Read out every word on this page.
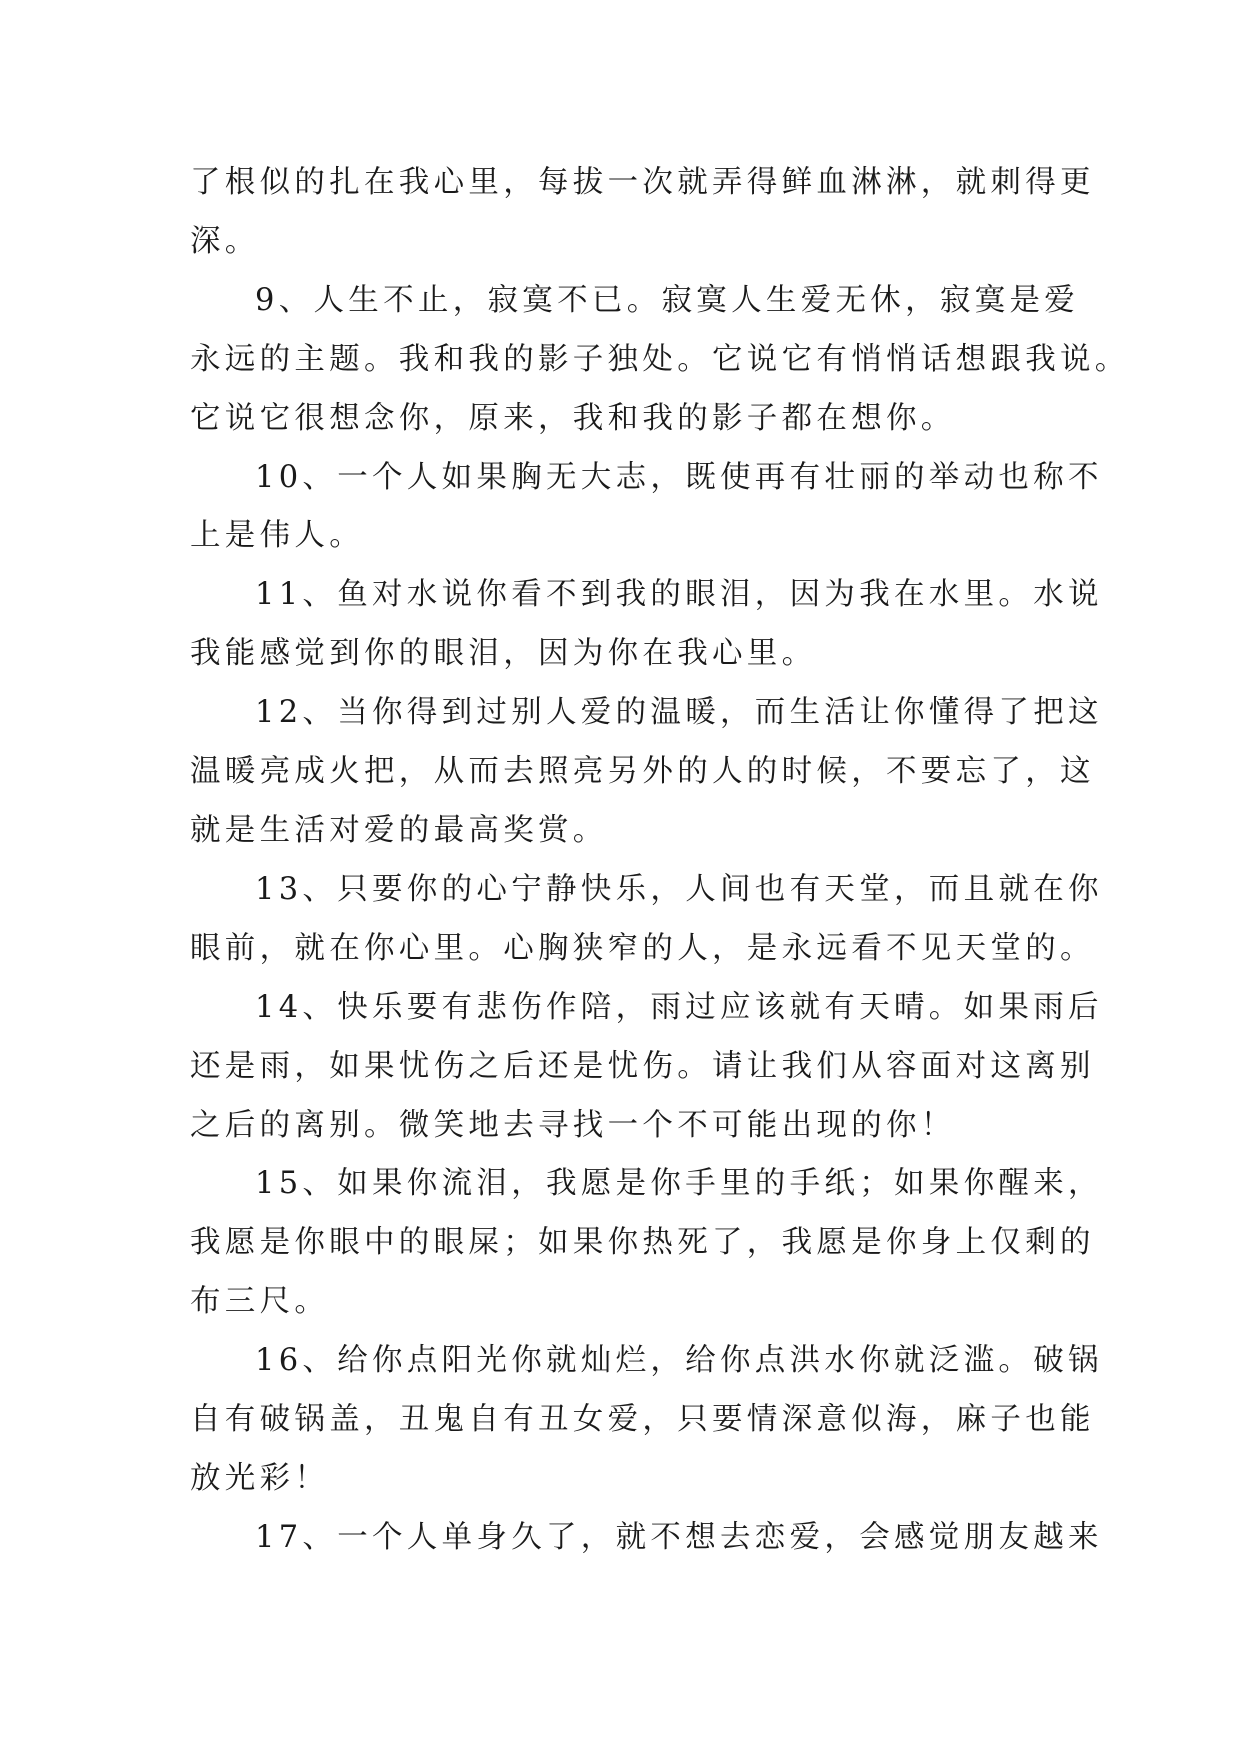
了根似的扎在我心里，每拔一次就弄得鲜血淋淋，就刺得更
深。
9、人生不止，寂寞不已。寂寞人生爱无休，寂寞是爱
永远的主题。我和我的影子独处。它说它有悄悄话想跟我说。
它说它很想念你，原来，我和我的影子都在想你。
10、一个人如果胸无大志，既使再有壮丽的举动也称不
上是伟人。
11、鱼对水说你看不到我的眼泪，因为我在水里。水说
我能感觉到你的眼泪，因为你在我心里。
12、当你得到过别人爱的温暖，而生活让你懂得了把这
温暖亮成火把，从而去照亮另外的人的时候，不要忘了，这
就是生活对爱的最高奖赏。
13、只要你的心宁静快乐，人间也有天堂，而且就在你
眼前，就在你心里。心胸狭窄的人，是永远看不见天堂的。
14、快乐要有悲伤作陪，雨过应该就有天晴。如果雨后
还是雨，如果忧伤之后还是忧伤。请让我们从容面对这离别
之后的离别。微笑地去寻找一个不可能出现的你！
15、如果你流泪，我愿是你手里的手纸；如果你醒来，
我愿是你眼中的眼屎；如果你热死了，我愿是你身上仅剩的
布三尺。
16、给你点阳光你就灿烂，给你点洪水你就泛滥。破锅
自有破锅盖，丑鬼自有丑女爱，只要情深意似海，麻子也能
放光彩！
17、一个人单身久了，就不想去恋爱，会感觉朋友越来
